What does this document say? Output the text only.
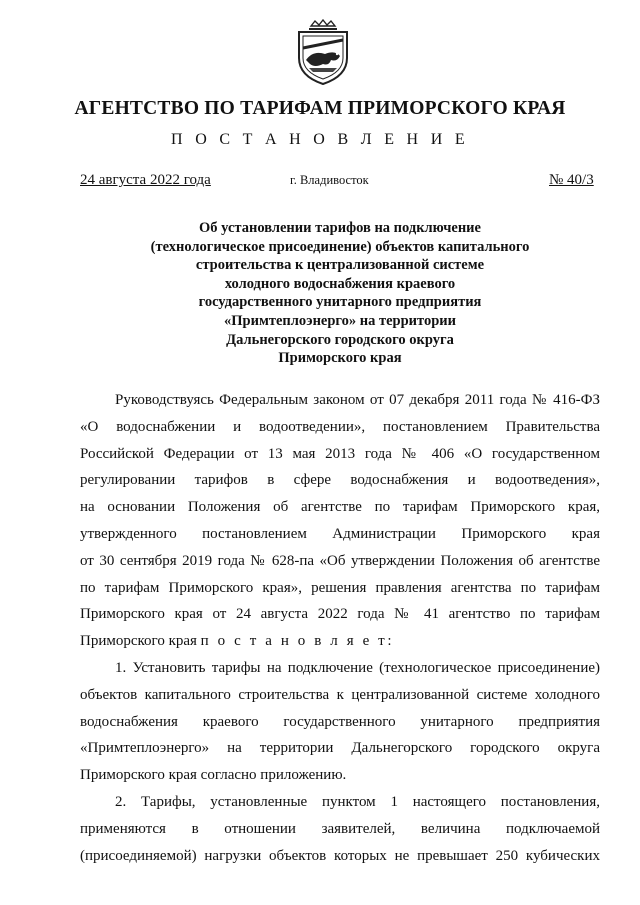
АГЕНТСТВО ПО ТАРИФАМ ПРИМОРСКОГО КРАЯ
П О С Т А Н О В Л Е Н И Е
24 августа 2022 года	г. Владивосток	№ 40/3
Об установлении тарифов на подключение
(технологическое присоединение) объектов капитального
строительства к централизованной системе
холодного водоснабжения краевого
государственного унитарного предприятия
«Примтеплоэнерго» на территории
Дальнегорского городского округа
Приморского края
Руководствуясь Федеральным законом от 07 декабря 2011 года № 416-ФЗ
«О водоснабжении и водоотведении», постановлением Правительства
Российской Федерации от 13 мая 2013 года № 406 «О государственном
регулировании тарифов в сфере водоснабжения и водоотведения»,
на основании Положения об агентстве по тарифам Приморского края,
утвержденного постановлением Администрации Приморского края
от 30 сентября 2019 года № 628-па «Об утверждении Положения об агентстве
по тарифам Приморского края», решения правления агентства по тарифам
Приморского края от 24 августа 2022 года № 41 агентство по тарифам
Приморского края п о с т а н о в л я е т:
1. Установить тарифы на подключение (технологическое присоединение)
объектов капитального строительства к централизованной системе холодного
водоснабжения краевого государственного унитарного предприятия
«Примтеплоэнерго» на территории Дальнегорского городского округа
Приморского края согласно приложению.
2. Тарифы, установленные пунктом 1 настоящего постановления,
применяются в отношении заявителей, величина подключаемой
(присоединяемой) нагрузки объектов которых не превышает 250 кубических
